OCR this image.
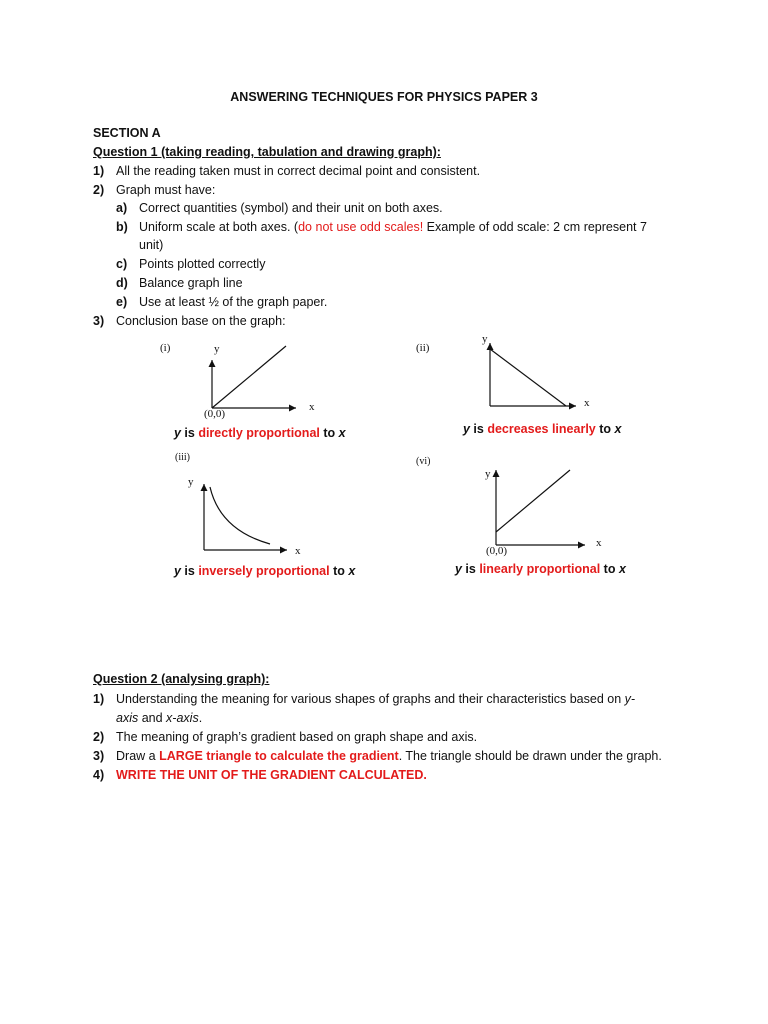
ANSWERING TECHNIQUES FOR PHYSICS PAPER 3
SECTION A
Question 1 (taking reading, tabulation and drawing graph):
1) All the reading taken must in correct decimal point and consistent.
2) Graph must have:
a) Correct quantities (symbol) and their unit on both axes.
b) Uniform scale at both axes. (do not use odd scales! Example of odd scale: 2 cm represent 7
unit)
c) Points plotted correctly
d) Balance graph line
e) Use at least ½ of the graph paper.
3) Conclusion base on the graph:
(i)	y
x
(0,0)
y is directly proportional to x
(ii)
y
x
y is decreases linearly to x
(iii)
y
x
y is inversely proportional to x
(vi)
y
x
(0,0)
y is linearly proportional to x
Question 2 (analysing graph):
1) Understanding the meaning for various shapes of graphs and their characteristics based on y-
axis and x-axis.
2) The meaning of graph’s gradient based on graph shape and axis.
3) Draw a LARGE triangle to calculate the gradient. The triangle should be drawn under the graph.
4) WRITE THE UNIT OF THE GRADIENT CALCULATED.
